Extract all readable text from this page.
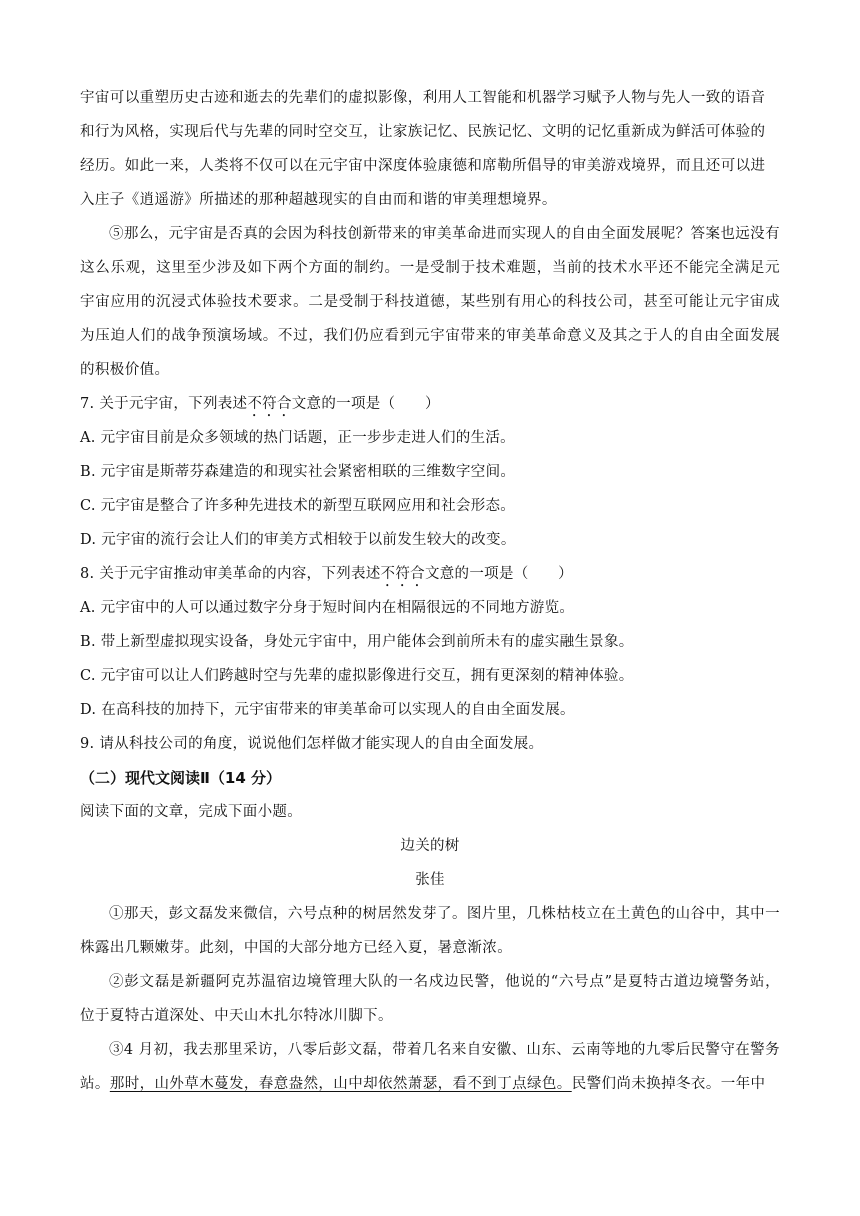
宇宙可以重塑历史古迹和逝去的先辈们的虚拟影像，利用人工智能和机器学习赋予人物与先人一致的语音

和行为风格，实现后代与先辈的同时空交互，让家族记忆、民族记忆、文明的记忆重新成为鲜活可体验的

经历。如此一来，人类将不仅可以在元宇宙中深度体验康德和席勒所倡导的审美游戏境界，而且还可以进

入庄子《逍遥游》所描述的那种超越现实的自由而和谐的审美理想境界。

⑤那么，元宇宙是否真的会因为科技创新带来的审美革命进而实现人的自由全面发展呢？答案也远没有这么乐观，这里至少涉及如下两个方面的制约。一是受制于技术难题，当前的技术水平还不能完全满足元宇宙应用的沉浸式体验技术要求。二是受制于科技道德，某些别有用心的科技公司，甚至可能让元宇宙成为压迫人们的战争预演场域。不过，我们仍应看到元宇宙带来的审美革命意义及其之于人的自由全面发展的积极价值。

7. 关于元宇宙，下列表述不符合文意的一项是（　　）

A. 元宇宙目前是众多领域的热门话题，正一步步走进人们的生活。

B. 元宇宙是斯蒂芬森建造的和现实社会紧密相联的三维数字空间。

C. 元宇宙是整合了许多种先进技术的新型互联网应用和社会形态。

D. 元宇宙的流行会让人们的审美方式相较于以前发生较大的改变。

8. 关于元宇宙推动审美革命的内容，下列表述不符合文意的一项是（　　）

A. 元宇宙中的人可以通过数字分身于短时间内在相隔很远的不同地方游览。

B. 带上新型虚拟现实设备，身处元宇宙中，用户能体会到前所未有的虚实融生景象。

C. 元宇宙可以让人们跨越时空与先辈的虚拟影像进行交互，拥有更深刻的精神体验。

D. 在高科技的加持下，元宇宙带来的审美革命可以实现人的自由全面发展。

9. 请从科技公司的角度，说说他们怎样做才能实现人的自由全面发展。

（二）现代文阅读Ⅱ（14 分）

阅读下面的文章，完成下面小题。

边关的树

张佳

①那天，彭文磊发来微信，六号点种的树居然发芽了。图片里，几株枯枝立在土黄色的山谷中，其中一株露出几颗嫩芽。此刻，中国的大部分地方已经入夏，暑意渐浓。

②彭文磊是新疆阿克苏温宿边境管理大队的一名戍边民警，他说的“六号点”是夏特古道边境警务站，位于夏特古道深处、中天山木扎尔特冰川脚下。

③4 月初，我去那里采访，八零后彭文磊，带着几名来自安徽、山东、云南等地的九零后民警守在警务站。那时，山外草木蔓发，春意盎然，山中却依然萧瑟，看不到丁点绿色。民警们尚未换掉冬衣。一年中
